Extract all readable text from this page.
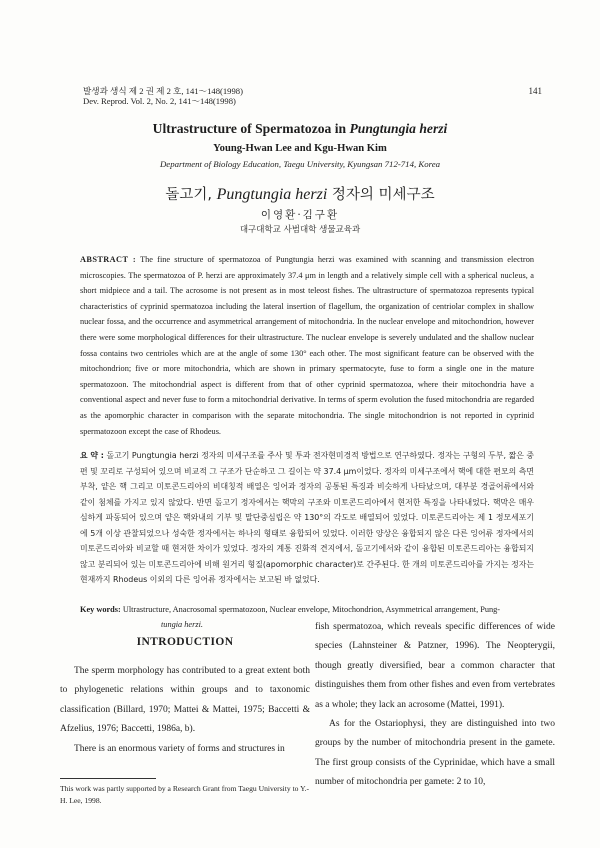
발생과 생식 제 2 권 제 2 호, 141～148(1998)
Dev. Reprod. Vol. 2, No. 2, 141～148(1998)
141
Ultrastructure of Spermatozoa in Pungtungia herzi
Young-Hwan Lee and Kgu-Hwan Kim
Department of Biology Education, Taegu University, Kyungsan 712-714, Korea
돌고기, Pungtungia herzi 정자의 미세구조
이영환·김구환
대구대학교 사범대학 생물교육과
ABSTRACT : The fine structure of spermatozoa of Pungtungia herzi was examined with scanning and transmission electron microscopies. The spermatozoa of P. herzi are approximately 37.4 μm in length and a relatively simple cell with a spherical nucleus, a short midpiece and a tail. The acrosome is not present as in most teleost fishes. The ultrastructure of spermatozoa represents typical characteristics of cyprinid spermatozoa including the lateral insertion of flagellum, the organization of centriolar complex in shallow nuclear fossa, and the occurrence and asymmetrical arrangement of mitochondria. In the nuclear envelope and mitochondrion, however there were some morphological differences for their ultrastructure. The nuclear envelope is severely undulated and the shallow nuclear fossa contains two centrioles which are at the angle of some 130° each other. The most significant feature can be observed with the mitochondrion; five or more mitochondria, which are shown in primary spermatocyte, fuse to form a single one in the mature spermatozoon. The mitochondrial aspect is different from that of other cyprinid spermatozoa, where their mitochondria have a conventional aspect and never fuse to form a mitochondrial derivative. In terms of sperm evolution the fused mitochondria are regarded as the apomorphic character in comparison with the separate mitochondria. The single mitochondrion is not reported in cyprinid spermatozoon except the case of Rhodeus.
Key words: Ultrastructure, Anacrosomal spermatozoon, Nuclear envelope, Mitochondrion, Asymmetrical arrangement, Pung-
tungia herzi.
요 약 : 돌고기 Pungtungia herzi 정자의 미세구조를 주사 및 투과 전자현미경적 방법으로 연구하였다. 정자는 구형의 두부, 짧은 중편 및 꼬리로 구성되어 있으며 비교적 그 구조가 단순하고 그 길이는 약 37.4 μm이었다. 정자의 미세구조에서 핵에 대한 편모의 측면 부착, 얕은 핵 그리고 미토콘드리아의 비대칭적 배열은 잉어과 정자의 공통된 특징과 비슷하게 나타났으며, 대부분 경골어류에서와 같이 첨체를 가지고 있지 않았다. 반면 돌고기 정자에서는 핵막의 구조와 미토콘드리아에서 현저한 특징을 나타내었다. 핵막은 매우 심하게 파동되어 있으며 얕은 핵와내의 기부 및 말단중심립은 약 130°의 각도로 배열되어 있었다. 미토콘드리아는 제 1 정모세포기에 5개 이상 관찰되었으나 성숙한 정자에서는 하나의 형태로 융합되어 있었다. 이러한 양상은 융합되지 않은 다른 잉어류 정자에서의 미토콘드리아와 비교할 때 현저한 차이가 있었다. 정자의 계통 진화적 견지에서, 돌고기에서와 같이 융합된 미토콘드리아는 융합되지 않고 분리되어 있는 미토콘드리아에 비해 원거리 형질(apomorphic character)로 간주된다. 한 개의 미토콘드리아를 가지는 정자는 현재까지 Rhodeus 이외의 다른 잉어류 정자에서는 보고된 바 없었다.
INTRODUCTION

The sperm morphology has contributed to a great extent both to phylogenetic relations within groups and to taxonomic classification (Billard, 1970; Mattei & Mattei, 1975; Baccetti & Afzelius, 1976; Baccetti, 1986a, b).

There is an enormous variety of forms and structures in

fish spermatozoa, which reveals specific differences of wide species (Lahnsteiner & Patzner, 1996). The Neopterygii, though greatly diversified, bear a common character that distinguishes them from other fishes and even from vertebrates as a whole; they lack an acrosome (Mattei, 1991).

As for the Ostariophysi, they are distinguished into two groups by the number of mitochondria present in the gamete. The first group consists of the Cyprinidae, which have a small number of mitochondria per gamete: 2 to 10,

This work was partly supported by a Research Grant from Taegu University to Y.-H. Lee, 1998.
